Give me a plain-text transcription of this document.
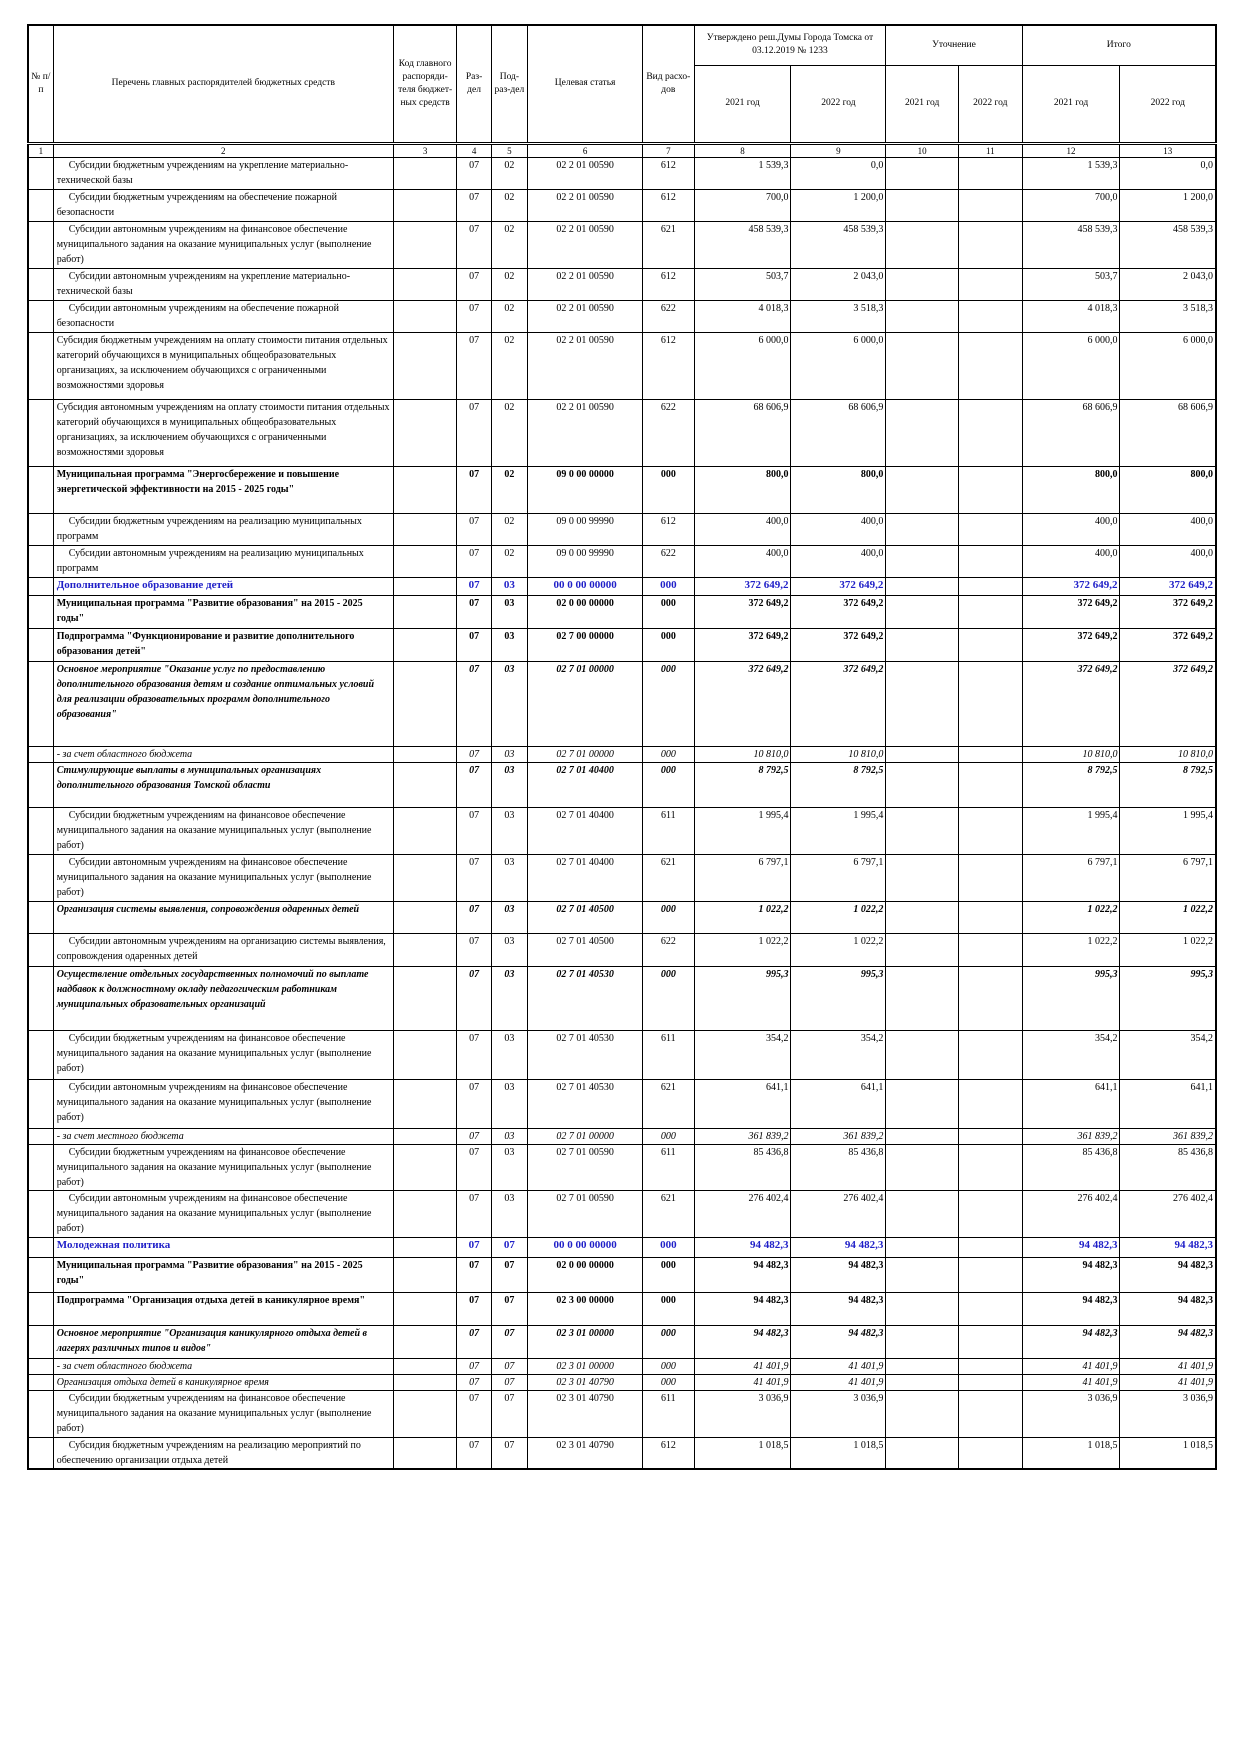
№ п/п	Перечень главных распорядителей бюджетных средств	Код главного распоряди-теля бюджет-ных средств	Раз-дел	Под-раз-дел	Целевая статья	Вид расхо-дов	Утверждено реш.Думы Города Томска от 03.12.2019 № 1233		Уточнение		Итого	
							2021 год	2022 год	2021 год	2022 год	2021 год	2022 год
1	2	3	4	5	6	7	8	9	10	11	12	13
	Субсидии бюджетным учреждениям на укрепление материально-технической базы		07	02	02 2 01 00590	612	1 539,3	0,0			1 539,3	0,0
	Субсидии бюджетным учреждениям на обеспечение пожарной безопасности		07	02	02 2 01 00590	612	700,0	1 200,0			700,0	1 200,0
	Субсидии автономным учреждениям на финансовое обеспечение муниципального задания на оказание муниципальных услуг (выполнение работ)		07	02	02 2 01 00590	621	458 539,3	458 539,3			458 539,3	458 539,3
	Субсидии автономным учреждениям на укрепление материально-технической базы		07	02	02 2 01 00590	612	503,7	2 043,0			503,7	2 043,0
	Субсидии автономным учреждениям на обеспечение пожарной безопасности		07	02	02 2 01 00590	622	4 018,3	3 518,3			4 018,3	3 518,3
	Субсидия бюджетным учреждениям на оплату стоимости питания отдельных категорий обучающихся в муниципальных общеобразовательных организациях, за исключением обучающихся с ограниченными возможностями здоровья		07	02	02 2 01 00590	612	6 000,0	6 000,0			6 000,0	6 000,0
	Субсидия автономным учреждениям на оплату стоимости питания отдельных категорий обучающихся в муниципальных общеобразовательных организациях, за исключением обучающихся с ограниченными возможностями здоровья		07	02	02 2 01 00590	622	68 606,9	68 606,9			68 606,9	68 606,9
	Муниципальная программа "Энергосбережение и повышение энергетической эффективности на 2015 - 2025 годы"		07	02	09 0 00 00000	000	800,0	800,0			800,0	800,0
	Субсидии бюджетным учреждениям на реализацию муниципальных программ		07	02	09 0 00 99990	612	400,0	400,0			400,0	400,0
	Субсидии автономным учреждениям на реализацию муниципальных программ		07	02	09 0 00 99990	622	400,0	400,0			400,0	400,0
	Дополнительное образование детей		07	03	00 0 00 00000	000	372 649,2	372 649,2			372 649,2	372 649,2
	Муниципальная программа "Развитие образования" на 2015 - 2025 годы"		07	03	02 0 00 00000	000	372 649,2	372 649,2			372 649,2	372 649,2
	Подпрограмма "Функционирование и развитие дополнительного образования детей"		07	03	02 7 00 00000	000	372 649,2	372 649,2			372 649,2	372 649,2
	Основное мероприятие "Оказание услуг по предоставлению дополнительного образования детям и создание оптимальных условий для реализации образовательных программ дополнительного образования"		07	03	02 7 01 00000	000	372 649,2	372 649,2			372 649,2	372 649,2
	- за счет областного бюджета		07	03	02 7 01 00000	000	10 810,0	10 810,0			10 810,0	10 810,0
	Стимулирующие выплаты в муниципальных организациях дополнительного образования Томской области		07	03	02 7 01 40400	000	8 792,5	8 792,5			8 792,5	8 792,5
	Субсидии бюджетным учреждениям на финансовое обеспечение муниципального задания на оказание муниципальных услуг (выполнение работ)		07	03	02 7 01 40400	611	1 995,4	1 995,4			1 995,4	1 995,4
	Субсидии автономным учреждениям на финансовое обеспечение муниципального задания на оказание муниципальных услуг (выполнение работ)		07	03	02 7 01 40400	621	6 797,1	6 797,1			6 797,1	6 797,1
	Организация системы выявления, сопровождения одаренных детей		07	03	02 7 01 40500	000	1 022,2	1 022,2			1 022,2	1 022,2
	Субсидии автономным учреждениям на организацию системы выявления, сопровождения одаренных детей		07	03	02 7 01 40500	622	1 022,2	1 022,2			1 022,2	1 022,2
	Осуществление отдельных государственных полномочий по выплате надбавок к должностному окладу педагогическим работникам муниципальных образовательных организаций		07	03	02 7 01 40530	000	995,3	995,3			995,3	995,3
	Субсидии бюджетным учреждениям на финансовое обеспечение муниципального задания на оказание муниципальных услуг (выполнение работ)		07	03	02 7 01 40530	611	354,2	354,2			354,2	354,2
	Субсидии автономным учреждениям на финансовое обеспечение муниципального задания на оказание муниципальных услуг (выполнение работ)		07	03	02 7 01 40530	621	641,1	641,1			641,1	641,1
	- за счет местного бюджета		07	03	02 7 01 00000	000	361 839,2	361 839,2			361 839,2	361 839,2
	Субсидии бюджетным учреждениям на финансовое обеспечение муниципального задания на оказание муниципальных услуг (выполнение работ)		07	03	02 7 01 00590	611	85 436,8	85 436,8			85 436,8	85 436,8
	Субсидии автономным учреждениям на финансовое обеспечение муниципального задания на оказание муниципальных услуг (выполнение работ)		07	03	02 7 01 00590	621	276 402,4	276 402,4			276 402,4	276 402,4
	Молодежная политика		07	07	00 0 00 00000	000	94 482,3	94 482,3			94 482,3	94 482,3
	Муниципальная программа "Развитие образования" на 2015 - 2025 годы"		07	07	02 0 00 00000	000	94 482,3	94 482,3			94 482,3	94 482,3
	Подпрограмма "Организация отдыха детей в каникулярное время"		07	07	02 3 00 00000	000	94 482,3	94 482,3			94 482,3	94 482,3
	Основное мероприятие "Организация каникулярного отдыха детей в лагерях различных типов и видов"		07	07	02 3 01 00000	000	94 482,3	94 482,3			94 482,3	94 482,3
	- за счет областного бюджета		07	07	02 3 01 00000	000	41 401,9	41 401,9			41 401,9	41 401,9
	Организация отдыха детей в каникулярное время		07	07	02 3 01 40790	000	41 401,9	41 401,9			41 401,9	41 401,9
	Субсидии бюджетным учреждениям на финансовое обеспечение муниципального задания на оказание муниципальных услуг (выполнение работ)		07	07	02 3 01 40790	611	3 036,9	3 036,9			3 036,9	3 036,9
	Субсидия бюджетным учреждениям на реализацию мероприятий по обеспечению организации отдыха детей		07	07	02 3 01 40790	612	1 018,5	1 018,5			1 018,5	1 018,5
